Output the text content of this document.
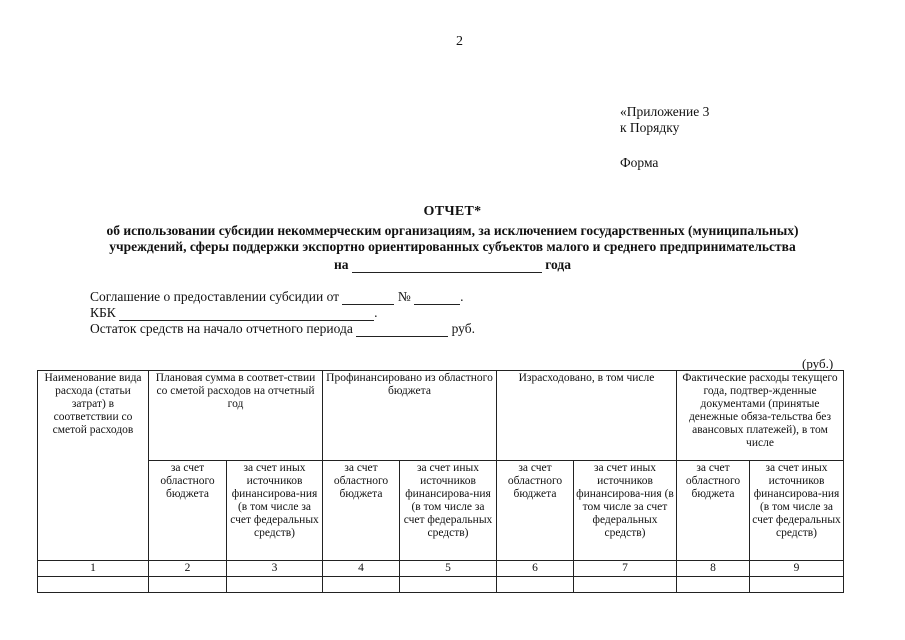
2
«Приложение 3
к Порядку
Форма
ОТЧЕТ*
об использовании субсидии некоммерческим организациям, за исключением государственных (муниципальных)
учреждений, сферы поддержки экспортно ориентированных субъектов малого и среднего предпринимательства
на	года
Соглашение о предоставлении субсидии от	№	.
КБК	.
Остаток средств на начало отчетного периода	руб.
(руб.)
Наименование вида расхода (статьи затрат) в соответствии со сметой расходов	Плановая сумма в соответ-ствии со сметой расходов на отчетный год		Профинансировано из областного бюджета		Израсходовано, в том числе		Фактические расходы текущего года, подтвер-жденные документами (принятые денежные обяза-тельства без авансовых платежей), в том числе	
	за счет областного бюджета	за счет иных источников финансирова-ния (в том числе за счет федеральных средств)	за счет областного бюджета	за счет иных источников финансирова-ния (в том числе за счет федеральных средств)	за счет областного бюджета	за счет иных источников финансирова-ния (в том числе за счет федеральных средств)	за счет областного бюджета	за счет иных источников финансирова-ния (в том числе за счет федеральных средств)
1	2	3	4	5	6	7	8	9
